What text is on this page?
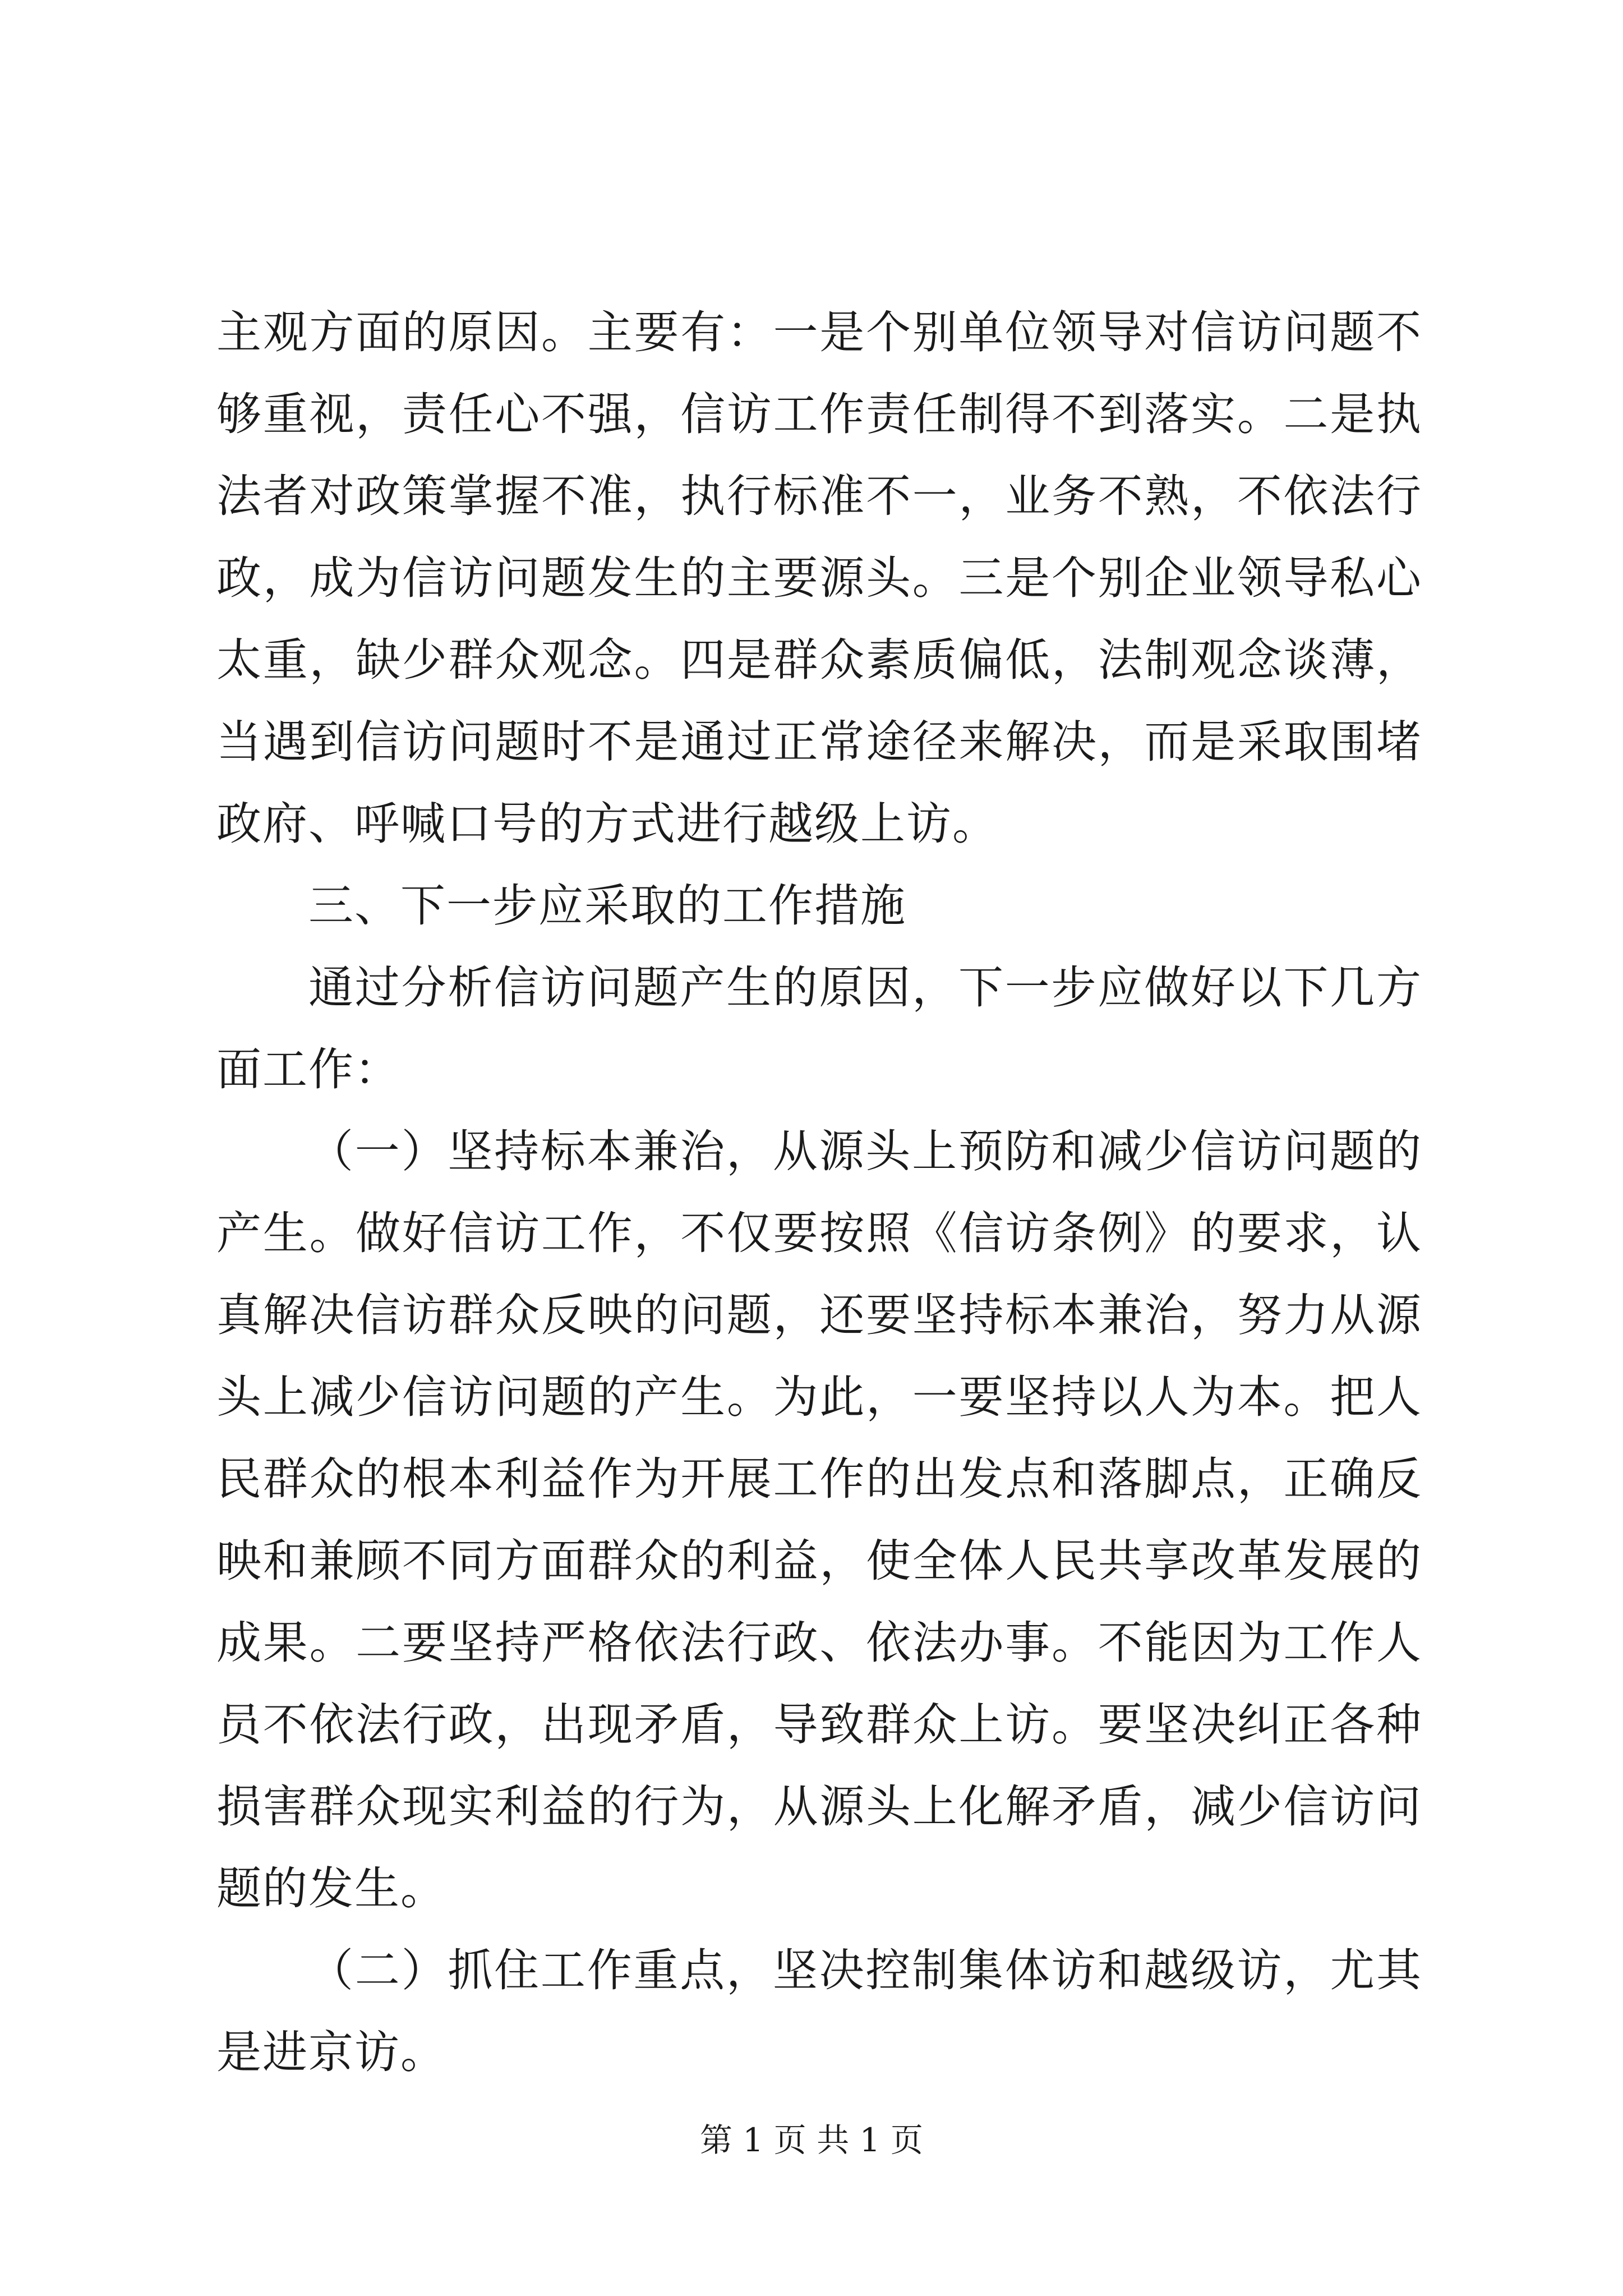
主观方面的原因。主要有：一是个别单位领导对信访问题不够重视，责任心不强，信访工作责任制得不到落实。二是执法者对政策掌握不准，执行标准不一，业务不熟，不依法行政，成为信访问题发生的主要源头。三是个别企业领导私心太重，缺少群众观念。四是群众素质偏低，法制观念谈薄，当遇到信访问题时不是通过正常途径来解决，而是采取围堵政府、呼喊口号的方式进行越级上访。

三、下一步应采取的工作措施

通过分析信访问题产生的原因，下一步应做好以下几方面工作：

（一）坚持标本兼治，从源头上预防和减少信访问题的产生。做好信访工作，不仅要按照《信访条例》的要求，认真解决信访群众反映的问题，还要坚持标本兼治，努力从源头上减少信访问题的产生。为此，一要坚持以人为本。把人民群众的根本利益作为开展工作的出发点和落脚点，正确反映和兼顾不同方面群众的利益，使全体人民共享改革发展的成果。二要坚持严格依法行政、依法办事。不能因为工作人员不依法行政，出现矛盾，导致群众上访。要坚决纠正各种损害群众现实利益的行为，从源头上化解矛盾，减少信访问题的发生。

（二）抓住工作重点，坚决控制集体访和越级访，尤其是进京访。

第 1 页 共 1 页
